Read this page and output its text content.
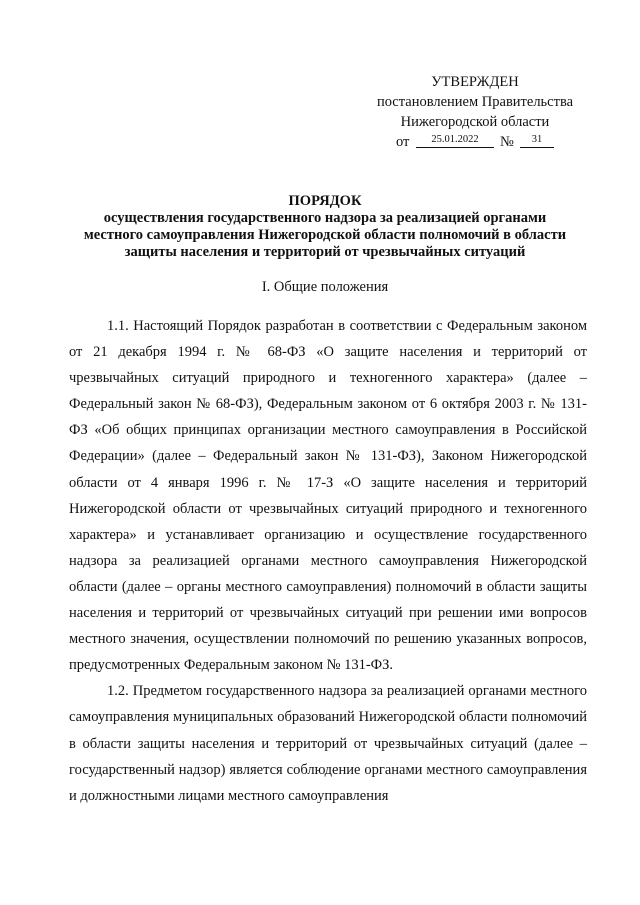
УТВЕРЖДЕН
постановлением Правительства
Нижегородской области
от	25.01.2022	№	31
ПОРЯДОК
осуществления государственного надзора за реализацией органами
местного самоуправления Нижегородской области полномочий в области
защиты населения и территорий от чрезвычайных ситуаций
I. Общие положения

1.1. Настоящий Порядок разработан в соответствии с Федеральным законом от 21 декабря 1994 г. № 68-ФЗ «О защите населения и территорий от чрезвычайных ситуаций природного и техногенного характера» (далее – Федеральный закон № 68-ФЗ), Федеральным законом от 6 октября 2003 г. № 131-ФЗ «Об общих принципах организации местного самоуправления в Российской Федерации» (далее – Федеральный закон № 131-ФЗ), Законом Нижегородской области от 4 января 1996 г. № 17-З «О защите населения и территорий Нижегородской области от чрезвычайных ситуаций природного и техногенного характера» и устанавливает организацию и осуществление государственного надзора за реализацией органами местного самоуправления Нижегородской области (далее – органы местного самоуправления) полномочий в области защиты населения и территорий от чрезвычайных ситуаций при решении ими вопросов местного значения, осуществлении полномочий по решению указанных вопросов, предусмотренных Федеральным законом № 131-ФЗ.

1.2. Предметом государственного надзора за реализацией органами местного самоуправления муниципальных образований Нижегородской области полномочий в области защиты населения и территорий от чрезвычайных ситуаций (далее – государственный надзор) является соблюдение органами местного самоуправления и должностными лицами местного самоуправления
